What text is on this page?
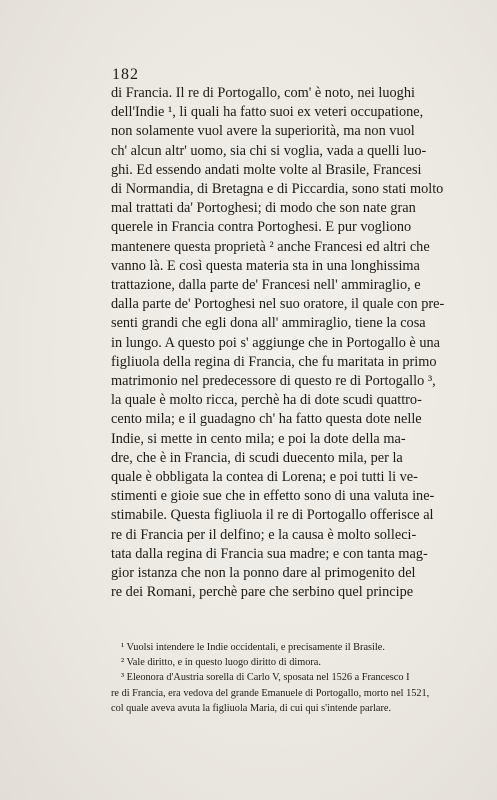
182
di Francia. Il re di Portogallo, com' è noto, nei luoghi
dell'Indie ¹, li quali ha fatto suoi ex veteri occupatione,
non solamente vuol avere la superiorità, ma non vuol
ch' alcun altr' uomo, sia chi si voglia, vada a quelli luo-
ghi. Ed essendo andati molte volte al Brasile, Francesi
di Normandia, di Bretagna e di Piccardia, sono stati molto
mal trattati da' Portoghesi; di modo che son nate gran
querele in Francia contra Portoghesi. E pur vogliono
mantenere questa proprietà ² anche Francesi ed altri che
vanno là. E così questa materia sta in una longhissima
trattazione, dalla parte de' Francesi nell' ammiraglio, e
dalla parte de' Portoghesi nel suo oratore, il quale con pre-
senti grandi che egli dona all' ammiraglio, tiene la cosa
in lungo. A questo poi s' aggiunge che in Portogallo è una
figliuola della regina di Francia, che fu maritata in primo
matrimonio nel predecessore di questo re di Portogallo ³,
la quale è molto ricca, perchè ha di dote scudi quattro-
cento mila; e il guadagno ch' ha fatto questa dote nelle
Indie, si mette in cento mila; e poi la dote della ma-
dre, che è in Francia, di scudi duecento mila, per la
quale è obbligata la contea di Lorena; e poi tutti li ve-
stimenti e gioie sue che in effetto sono di una valuta ine-
stimabile. Questa figliuola il re di Portogallo offerisce al
re di Francia per il delfino; e la causa è molto solleci-
tata dalla regina di Francia sua madre; e con tanta mag-
gior istanza che non la ponno dare al primogenito del
re dei Romani, perchè pare che serbino quel principe
¹ Vuolsi intendere le Indie occidentali, e precisamente il Brasile.
² Vale diritto, e in questo luogo diritto di dimora.
³ Eleonora d'Austria sorella di Carlo V, sposata nel 1526 a Francesco I
re di Francia, era vedova del grande Emanuele di Portogallo, morto nel 1521,
col quale aveva avuta la figliuola Maria, di cui qui s'intende parlare.
